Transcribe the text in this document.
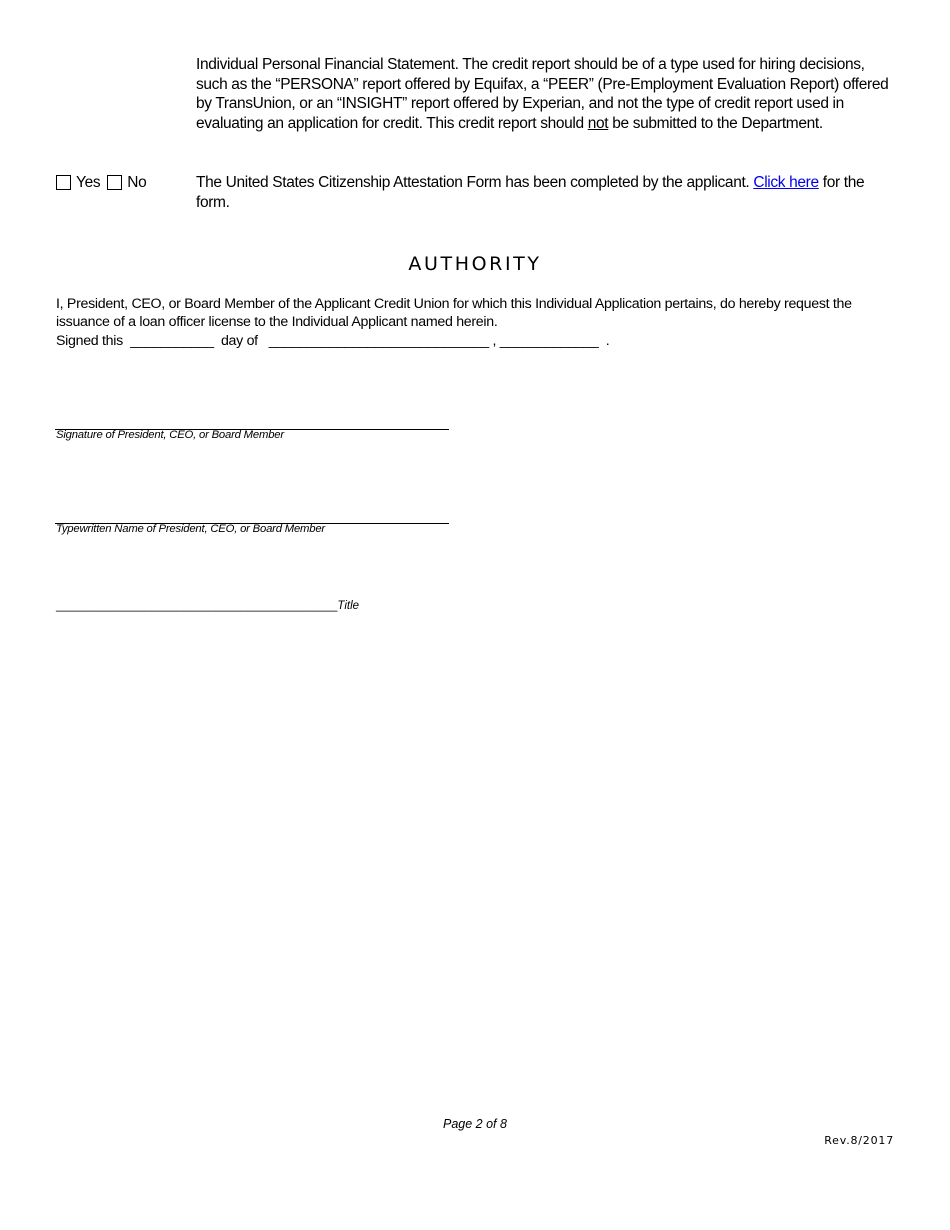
Individual Personal Financial Statement. The credit report should be of a type used for hiring decisions, such as the “PERSONA” report offered by Equifax, a “PEER” (Pre-Employment Evaluation Report) offered by TransUnion, or an “INSIGHT” report offered by Experian, and not the type of credit report used in evaluating an application for credit. This credit report should not be submitted to the Department.
Yes No	The United States Citizenship Attestation Form has been completed by the applicant. Click here for the form.
AUTHORITY
I, President, CEO, or Board Member of the Applicant Credit Union for which this Individual Application pertains, do hereby request the issuance of a loan officer license to the Individual Applicant named herein.
Signed this  ___________  day of   _____________________________ , _____________  .
Signature of President, CEO, or Board Member
Typewritten Name of President, CEO, or Board Member
____________________________________________Title
Page 2 of 8
Rev.8/2017
